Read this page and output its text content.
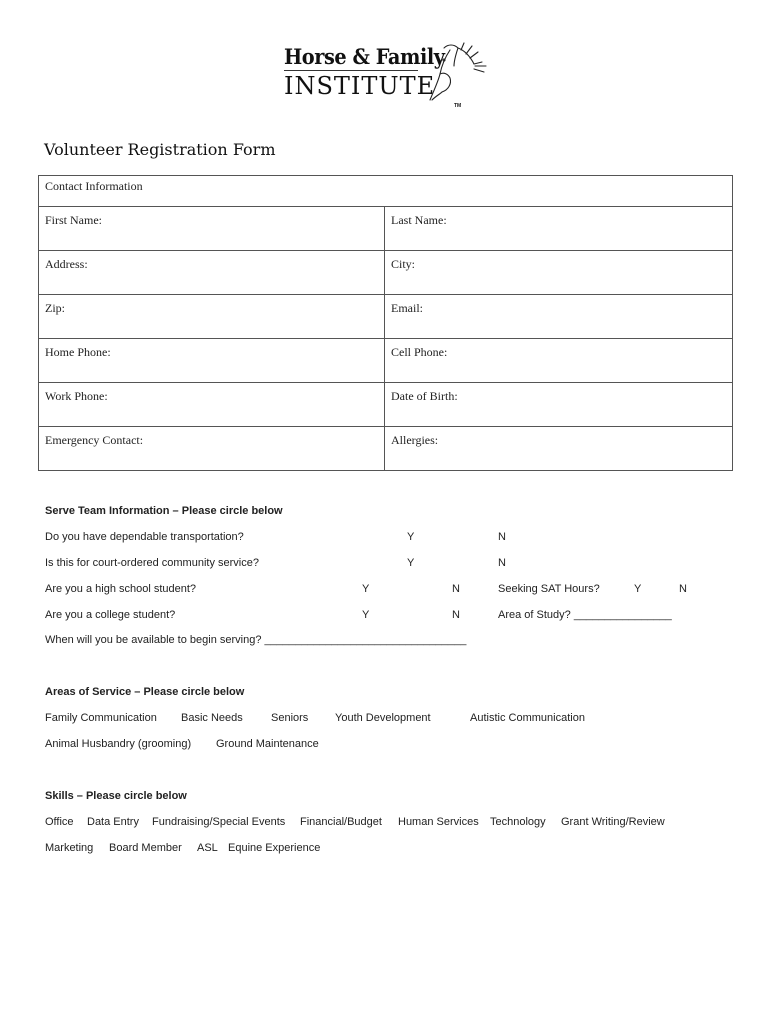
Horse & Family
INSTITUTE
TM
Volunteer Registration Form
Contact Information
First Name:	Last Name:
Address:	City:
Zip:	Email:
Home Phone:	Cell Phone:
Work Phone:	Date of Birth:
Emergency Contact:	Allergies:
Serve Team Information – Please circle below
Do you have dependable transportation?	Y	N
Is this for court-ordered community service?	Y	N
Are you a high school student?	Y	N	Seeking SAT Hours?	Y	N
Are you a college student?	Y	N	Area of Study? ________________
When will you be available to begin serving? _________________________________
Areas of Service – Please circle below
Family Communication Basic Needs	Seniors Youth Development	Autistic Communication
Animal Husbandry (grooming) Ground Maintenance
Skills – Please circle below
Office Data Entry Fundraising/Special Events Financial/Budget Human Services Technology Grant Writing/Review
Marketing Board Member ASL Equine Experience
